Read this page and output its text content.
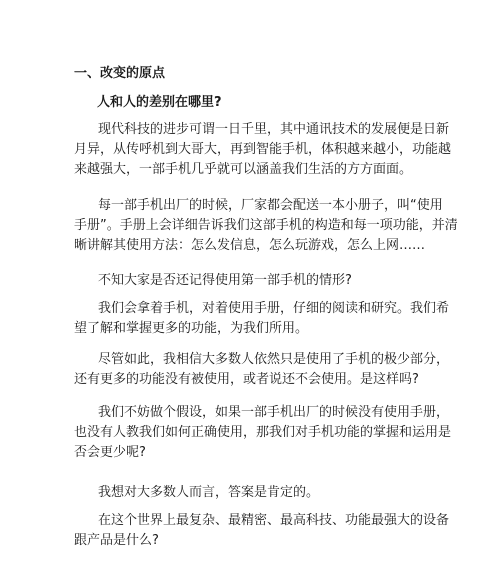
一、改变的原点
人和人的差别在哪里?
现代科技的进步可谓一日千里，其中通讯技术的发展便是日新
月异，从传呼机到大哥大，再到智能手机，体积越来越小，功能越
来越强大，一部手机几乎就可以涵盖我们生活的方方面面。
每一部手机出厂的时候，厂家都会配送一本小册子，叫“使用
手册”。手册上会详细告诉我们这部手机的构造和每一项功能，并清
晰讲解其使用方法：怎么发信息，怎么玩游戏，怎么上网……
不知大家是否还记得使用第一部手机的情形?
我们会拿着手机，对着使用手册，仔细的阅读和研究。我们希
望了解和掌握更多的功能，为我们所用。
尽管如此，我相信大多数人依然只是使用了手机的极少部分，
还有更多的功能没有被使用，或者说还不会使用。是这样吗?
我们不妨做个假设，如果一部手机出厂的时候没有使用手册，
也没有人教我们如何正确使用，那我们对手机功能的掌握和运用是
否会更少呢?
我想对大多数人而言，答案是肯定的。
在这个世界上最复杂、最精密、最高科技、功能最强大的设备
跟产品是什么?
